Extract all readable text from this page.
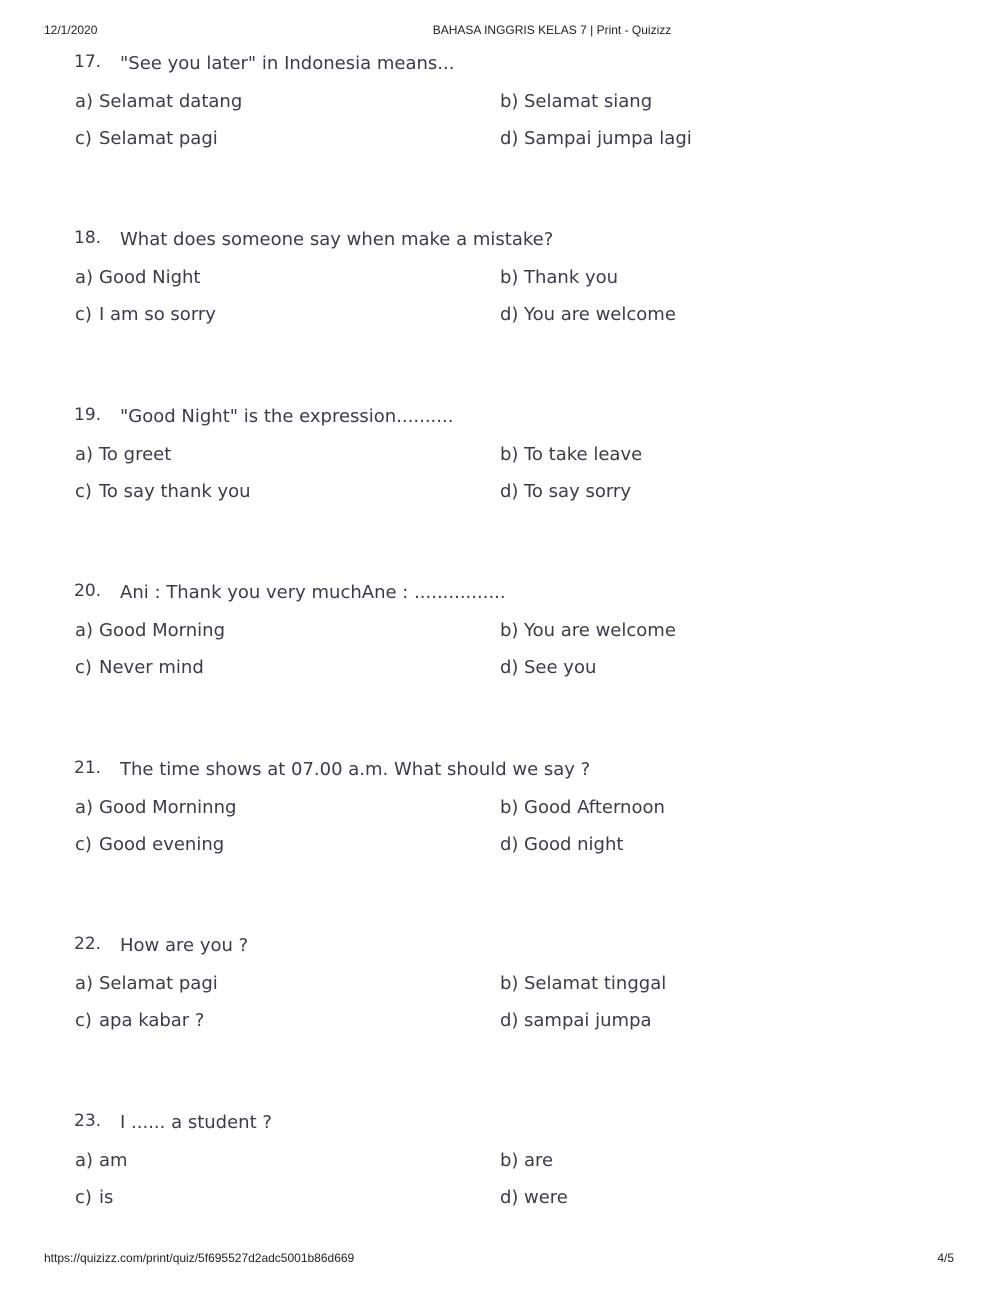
12/1/2020	BAHASA INGGRIS KELAS 7 | Print - Quizizz
17. "See you later" in Indonesia means...
a) Selamat datang	b) Selamat siang
c) Selamat pagi	d) Sampai jumpa lagi
18. What does someone say when make a mistake?
a) Good Night	b) Thank you
c) I am so sorry	d) You are welcome
19. "Good Night" is the expression..........
a) To greet	b) To take leave
c) To say thank you	d) To say sorry
20. Ani : Thank you very muchAne : ................
a) Good Morning	b) You are welcome
c) Never mind	d) See you
21. The time shows at 07.00 a.m. What should we say ?
a) Good Morninng	b) Good Afternoon
c) Good evening	d) Good night
22. How are you ?
a) Selamat pagi	b) Selamat tinggal
c) apa kabar ?	d) sampai jumpa
23. I ...... a student ?
a) am	b) are
c) is	d) were
https://quizizz.com/print/quiz/5f695527d2adc5001b86d669	4/5
